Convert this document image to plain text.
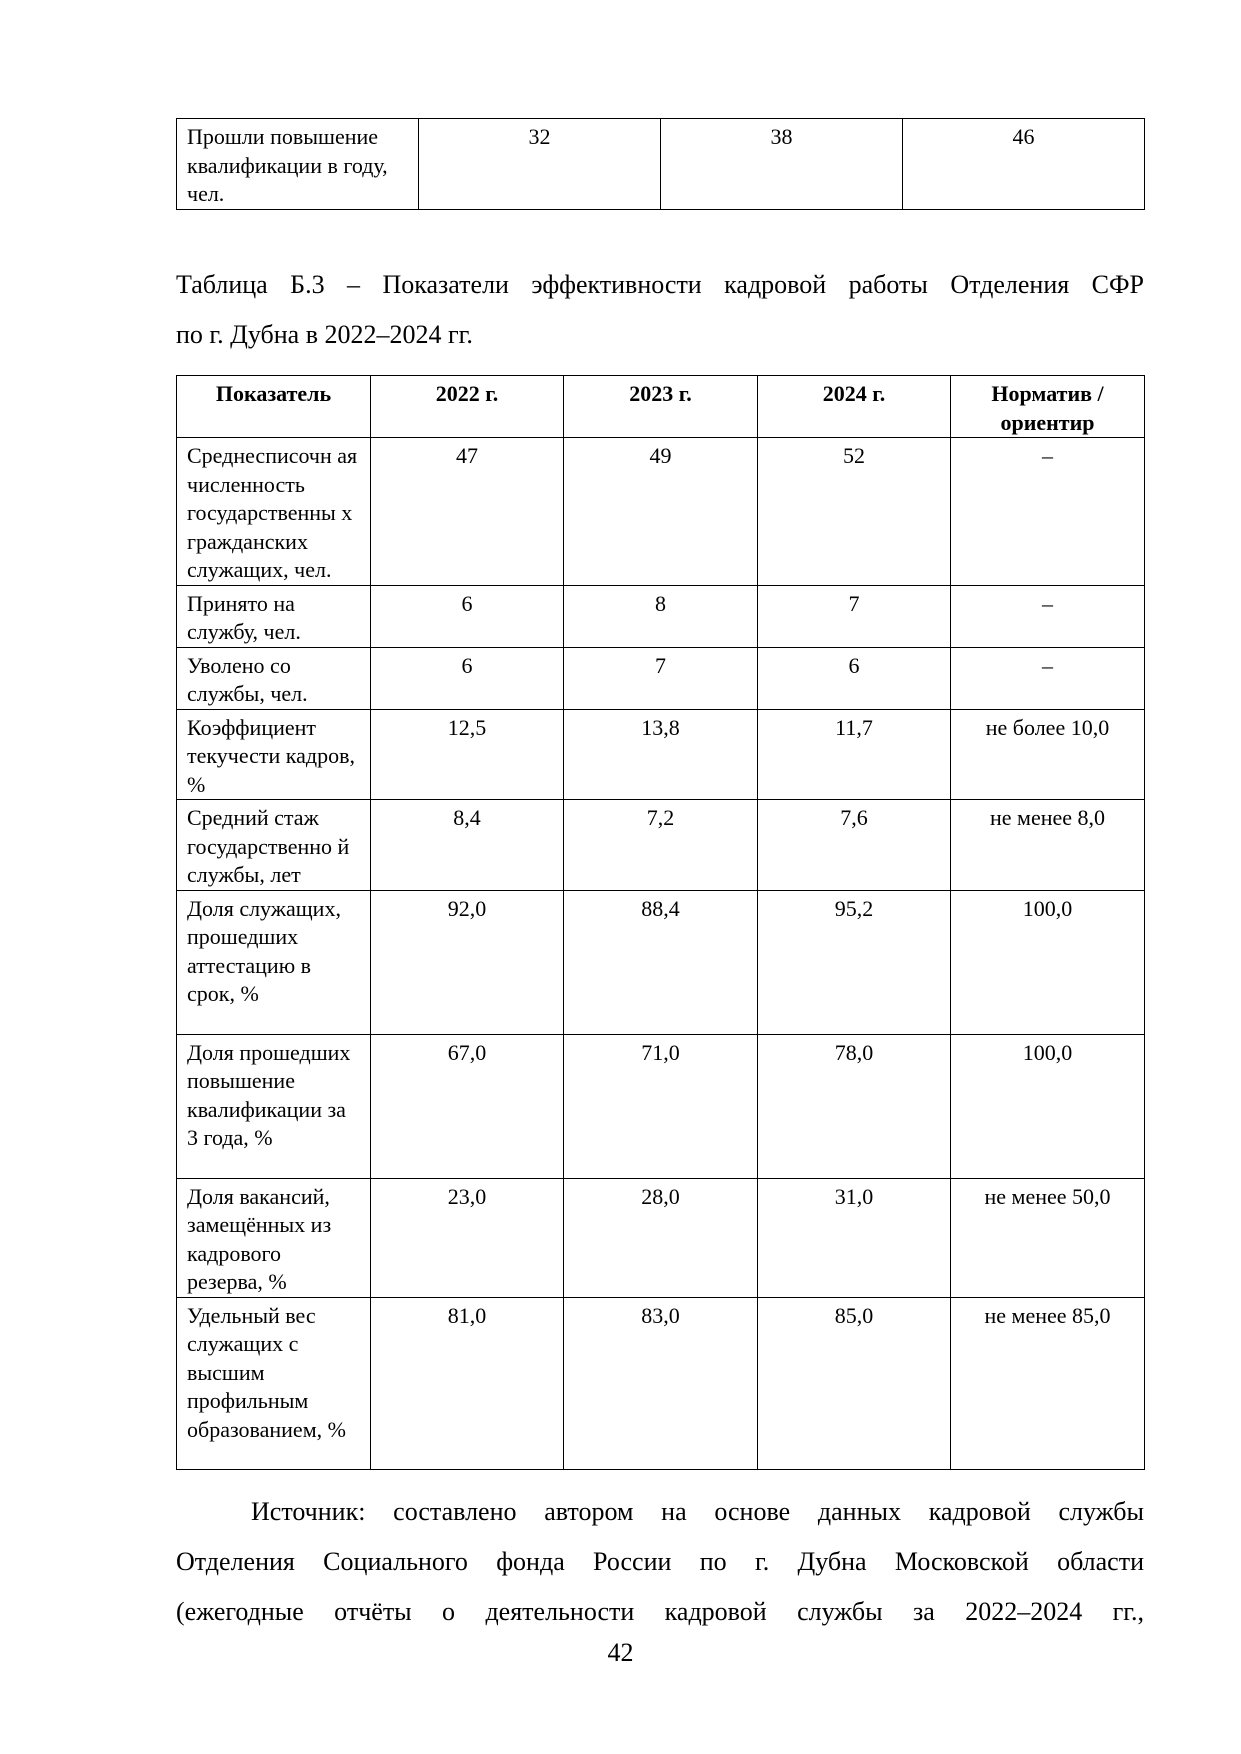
Прошли повышение квалификации в году, чел.	32	38	46
Таблица Б.3 – Показатели эффективности кадровой работы Отделения СФР
по г. Дубна в 2022–2024 гг.
Показатель	2022 г.	2023 г.	2024 г.	Норматив / ориентир
Среднесписочн ая численность государственны х гражданских служащих, чел.	47	49	52	–
Принято на службу, чел.	6	8	7	–
Уволено со службы, чел.	6	7	6	–
Коэффициент текучести кадров, %	12,5	13,8	11,7	не более 10,0
Средний стаж государственно й службы, лет	8,4	7,2	7,6	не менее 8,0
Доля служащих, прошедших аттестацию в срок, %	92,0	88,4	95,2	100,0
Доля прошедших повышение квалификации за 3 года, %	67,0	71,0	78,0	100,0
Доля вакансий, замещённых из кадрового резерва, %	23,0	28,0	31,0	не менее 50,0
Удельный вес служащих с высшим профильным образованием, %	81,0	83,0	85,0	не менее 85,0
Источник: составлено автором на основе данных кадровой службы
Отделения Социального фонда России по г. Дубна Московской области
(ежегодные отчёты о деятельности кадровой службы за 2022–2024 гг.,
42
